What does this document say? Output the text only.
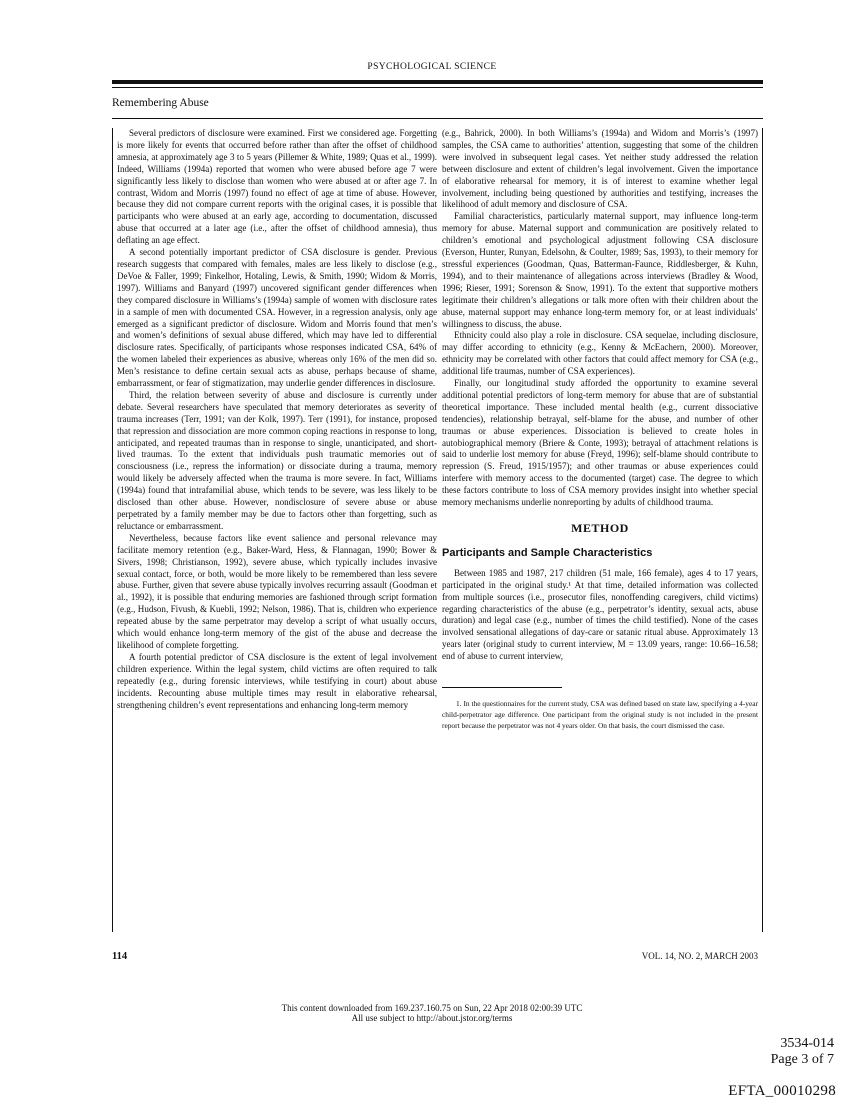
PSYCHOLOGICAL SCIENCE
Remembering Abuse

Several predictors of disclosure were examined. First we considered age. Forgetting is more likely for events that occurred before rather than after the offset of childhood amnesia, at approximately age 3 to 5 years (Pillemer & White, 1989; Quas et al., 1999). Indeed, Williams (1994a) reported that women who were abused before age 7 were significantly less likely to disclose than women who were abused at or after age 7. In contrast, Widom and Morris (1997) found no effect of age at time of abuse. However, because they did not compare current reports with the original cases, it is possible that participants who were abused at an early age, according to documentation, discussed abuse that occurred at a later age (i.e., after the offset of childhood amnesia), thus deflating an age effect.

A second potentially important predictor of CSA disclosure is gender. Previous research suggests that compared with females, males are less likely to disclose (e.g., DeVoe & Faller, 1999; Finkelhor, Hotaling, Lewis, & Smith, 1990; Widom & Morris, 1997). Williams and Banyard (1997) uncovered significant gender differences when they compared disclosure in Williams’s (1994a) sample of women with disclosure rates in a sample of men with documented CSA. However, in a regression analysis, only age emerged as a significant predictor of disclosure. Widom and Morris found that men’s and women’s definitions of sexual abuse differed, which may have led to differential disclosure rates. Specifically, of participants whose responses indicated CSA, 64% of the women labeled their experiences as abusive, whereas only 16% of the men did so. Men’s resistance to define certain sexual acts as abuse, perhaps because of shame, embarrassment, or fear of stigmatization, may underlie gender differences in disclosure.

Third, the relation between severity of abuse and disclosure is currently under debate. Several researchers have speculated that memory deteriorates as severity of trauma increases (Terr, 1991; van der Kolk, 1997). Terr (1991), for instance, proposed that repression and dissociation are more common coping reactions in response to long, anticipated, and repeated traumas than in response to single, unanticipated, and short-lived traumas. To the extent that individuals push traumatic memories out of consciousness (i.e., repress the information) or dissociate during a trauma, memory would likely be adversely affected when the trauma is more severe. In fact, Williams (1994a) found that intrafamilial abuse, which tends to be severe, was less likely to be disclosed than other abuse. However, nondisclosure of severe abuse or abuse perpetrated by a family member may be due to factors other than forgetting, such as reluctance or embarrassment.

Nevertheless, because factors like event salience and personal relevance may facilitate memory retention (e.g., Baker-Ward, Hess, & Flannagan, 1990; Bower & Sivers, 1998; Christianson, 1992), severe abuse, which typically includes invasive sexual contact, force, or both, would be more likely to be remembered than less severe abuse. Further, given that severe abuse typically involves recurring assault (Goodman et al., 1992), it is possible that enduring memories are fashioned through script formation (e.g., Hudson, Fivush, & Kuebli, 1992; Nelson, 1986). That is, children who experience repeated abuse by the same perpetrator may develop a script of what usually occurs, which would enhance long-term memory of the gist of the abuse and decrease the likelihood of complete forgetting.

A fourth potential predictor of CSA disclosure is the extent of legal involvement children experience. Within the legal system, child victims are often required to talk repeatedly (e.g., during forensic interviews, while testifying in court) about abuse incidents. Recounting abuse multiple times may result in elaborative rehearsal, strengthening children’s event representations and enhancing long-term memory

(e.g., Bahrick, 2000). In both Williams’s (1994a) and Widom and Morris’s (1997) samples, the CSA came to authorities’ attention, suggesting that some of the children were involved in subsequent legal cases. Yet neither study addressed the relation between disclosure and extent of children’s legal involvement. Given the importance of elaborative rehearsal for memory, it is of interest to examine whether legal involvement, including being questioned by authorities and testifying, increases the likelihood of adult memory and disclosure of CSA.

Familial characteristics, particularly maternal support, may influence long-term memory for abuse. Maternal support and communication are positively related to children’s emotional and psychological adjustment following CSA disclosure (Everson, Hunter, Runyan, Edelsohn, & Coulter, 1989; Sas, 1993), to their memory for stressful experiences (Goodman, Quas, Batterman-Faunce, Riddlesberger, & Kuhn, 1994), and to their maintenance of allegations across interviews (Bradley & Wood, 1996; Rieser, 1991; Sorenson & Snow, 1991). To the extent that supportive mothers legitimate their children’s allegations or talk more often with their children about the abuse, maternal support may enhance long-term memory for, or at least individuals’ willingness to discuss, the abuse.

Ethnicity could also play a role in disclosure. CSA sequelae, including disclosure, may differ according to ethnicity (e.g., Kenny & McEachern, 2000). Moreover, ethnicity may be correlated with other factors that could affect memory for CSA (e.g., additional life traumas, number of CSA experiences).

Finally, our longitudinal study afforded the opportunity to examine several additional potential predictors of long-term memory for abuse that are of substantial theoretical importance. These included mental health (e.g., current dissociative tendencies), relationship betrayal, self-blame for the abuse, and number of other traumas or abuse experiences. Dissociation is believed to create holes in autobiographical memory (Briere & Conte, 1993); betrayal of attachment relations is said to underlie lost memory for abuse (Freyd, 1996); self-blame should contribute to repression (S. Freud, 1915/1957); and other traumas or abuse experiences could interfere with memory access to the documented (target) case. The degree to which these factors contribute to loss of CSA memory provides insight into whether special memory mechanisms underlie nonreporting by adults of childhood trauma.

METHOD
Participants and Sample Characteristics

Between 1985 and 1987, 217 children (51 male, 166 female), ages 4 to 17 years, participated in the original study.¹ At that time, detailed information was collected from multiple sources (i.e., prosecutor files, nonoffending caregivers, child victims) regarding characteristics of the abuse (e.g., perpetrator’s identity, sexual acts, abuse duration) and legal case (e.g., number of times the child testified). None of the cases involved sensational allegations of day-care or satanic ritual abuse. Approximately 13 years later (original study to current interview, M = 13.09 years, range: 10.66–16.58; end of abuse to current interview,

1. In the questionnaires for the current study, CSA was defined based on state law, specifying a 4-year child-perpetrator age difference. One participant from the original study is not included in the present report because the perpetrator was not 4 years older. On that basis, the court dismissed the case.
114	VOL. 14, NO. 2, MARCH 2003
This content downloaded from 169.237.160.75 on Sun, 22 Apr 2018 02:00:39 UTC
All use subject to http://about.jstor.org/terms
3534-014
Page 3 of 7
EFTA_00010298
